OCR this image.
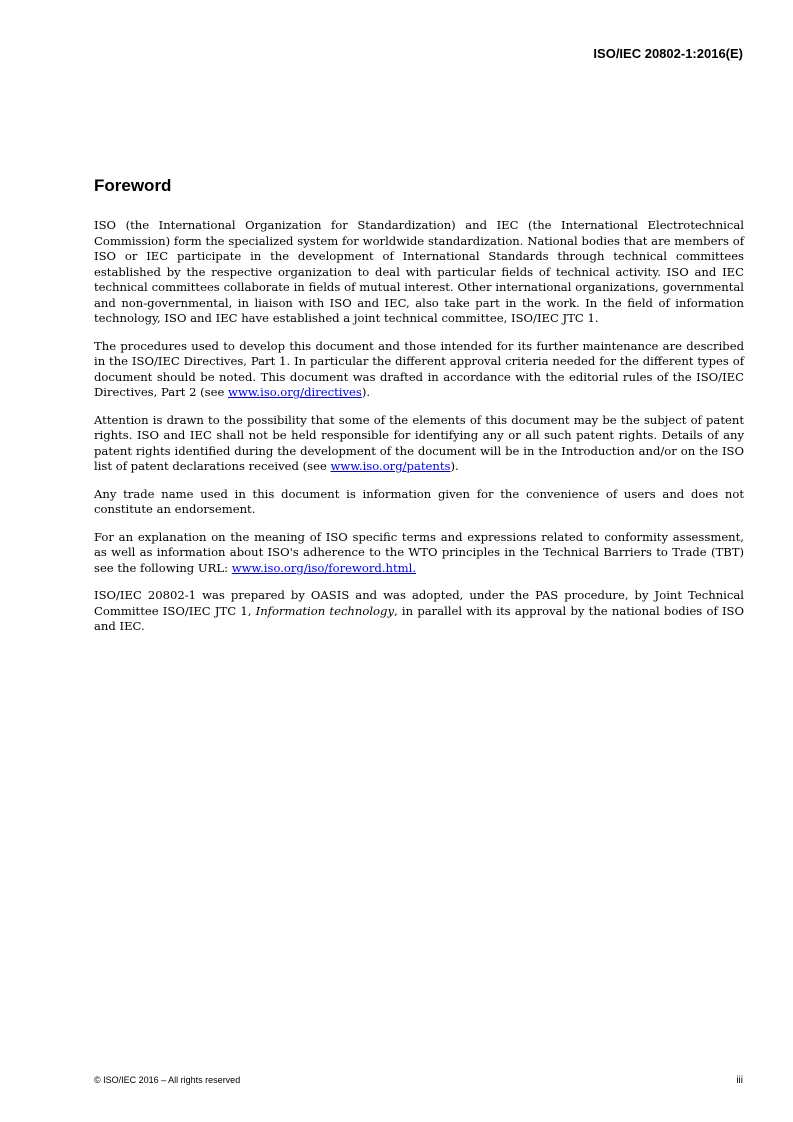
ISO/IEC 20802-1:2016(E)
Foreword

ISO (the International Organization for Standardization) and IEC (the International Electrotechnical Commission) form the specialized system for worldwide standardization. National bodies that are members of ISO or IEC participate in the development of International Standards through technical committees established by the respective organization to deal with particular fields of technical activity. ISO and IEC technical committees collaborate in fields of mutual interest. Other international organizations, governmental and non-governmental, in liaison with ISO and IEC, also take part in the work. In the field of information technology, ISO and IEC have established a joint technical committee, ISO/IEC JTC 1.

The procedures used to develop this document and those intended for its further maintenance are described in the ISO/IEC Directives, Part 1. In particular the different approval criteria needed for the different types of document should be noted. This document was drafted in accordance with the editorial rules of the ISO/IEC Directives, Part 2 (see www.iso.org/directives).

Attention is drawn to the possibility that some of the elements of this document may be the subject of patent rights. ISO and IEC shall not be held responsible for identifying any or all such patent rights. Details of any patent rights identified during the development of the document will be in the Introduction and/or on the ISO list of patent declarations received (see www.iso.org/patents).

Any trade name used in this document is information given for the convenience of users and does not constitute an endorsement.

For an explanation on the meaning of ISO specific terms and expressions related to conformity assessment, as well as information about ISO's adherence to the WTO principles in the Technical Barriers to Trade (TBT) see the following URL: www.iso.org/iso/foreword.html.

ISO/IEC 20802-1 was prepared by OASIS and was adopted, under the PAS procedure, by Joint Technical Committee ISO/IEC JTC 1, Information technology, in parallel with its approval by the national bodies of ISO and IEC.

© ISO/IEC 2016 – All rights reserved	iii
